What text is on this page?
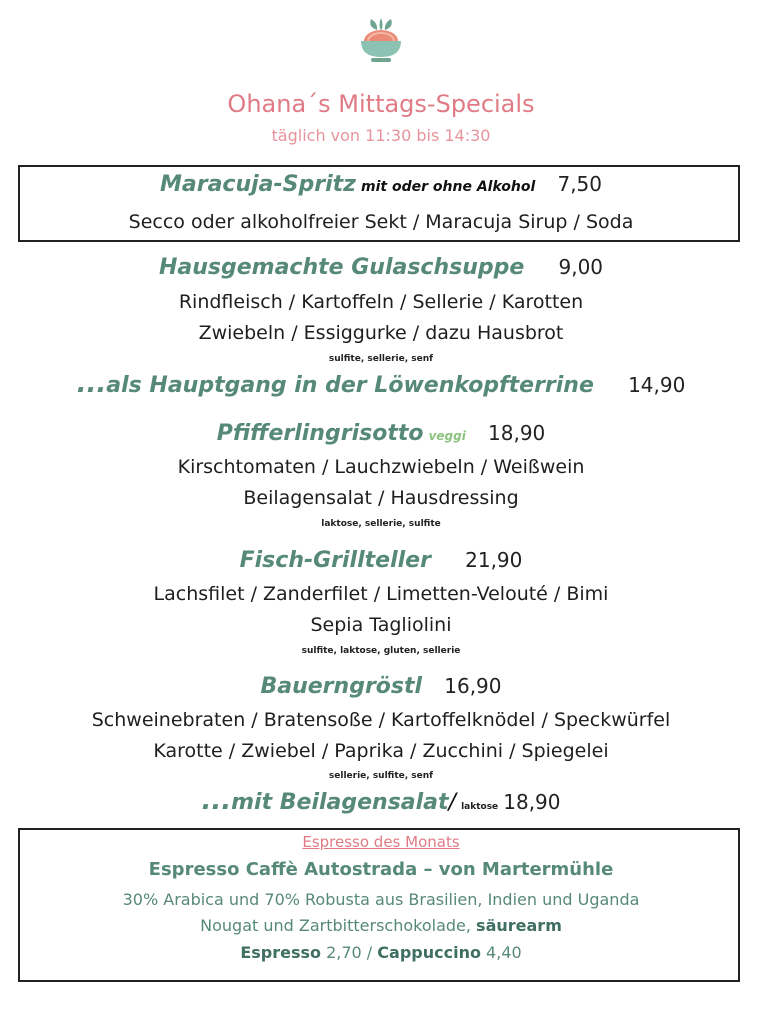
Ohana´s Mittags-Specials
täglich von 11:30 bis 14:30
Maracuja-Spritz mit oder ohne Alkohol 7,50
Secco oder alkoholfreier Sekt / Maracuja Sirup / Soda
Hausgemachte Gulaschsuppe 9,00
Rindfleisch / Kartoffeln / Sellerie / Karotten
Zwiebeln / Essiggurke / dazu Hausbrot
sulfite, sellerie, senf
...als Hauptgang in der Löwenkopfterrine 14,90
Pfifferlingrisotto veggi 18,90
Kirschtomaten / Lauchzwiebeln / Weißwein
Beilagensalat / Hausdressing
laktose, sellerie, sulfite
Fisch-Grillteller 21,90
Lachsfilet / Zanderfilet / Limetten-Velouté / Bimi
Sepia Tagliolini
sulfite, laktose, gluten, sellerie
Bauerngröstl 16,90
Schweinebraten / Bratensoße / Kartoffelknödel / Speckwürfel
Karotte / Zwiebel / Paprika / Zucchini / Spiegelei
sellerie, sulfite, senf
...mit Beilagensalat/ laktose 18,90
Espresso des Monats
Espresso Caffè Autostrada – von Martermühle
30% Arabica und 70% Robusta aus Brasilien, Indien und Uganda
Nougat und Zartbitterschokolade, säurearm
Espresso 2,70 / Cappuccino 4,40
